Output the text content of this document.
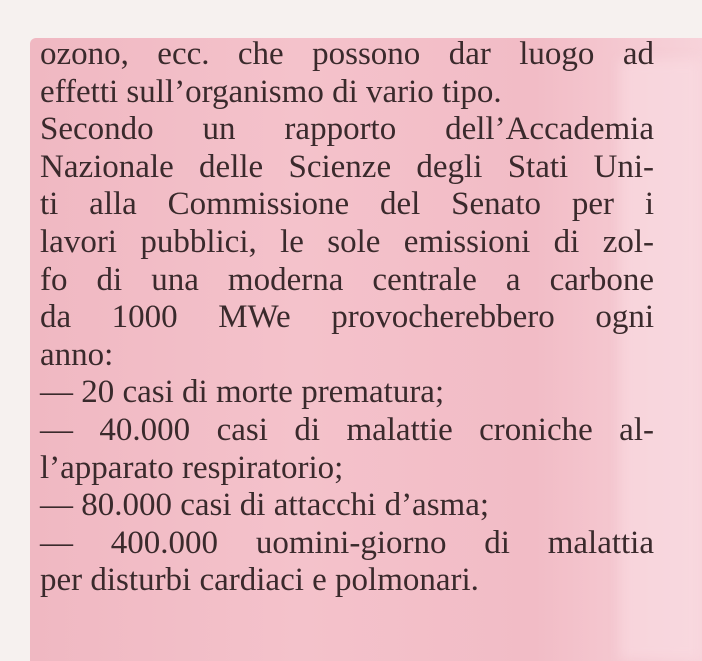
ozono, ecc. che possono dar luogo ad
effetti sull’organismo di vario tipo.
Secondo un rapporto dell’Accademia
Nazionale delle Scienze degli Stati Uni-
ti alla Commissione del Senato per i
lavori pubblici, le sole emissioni di zol-
fo di una moderna centrale a carbone
da 1000 MWe provocherebbero ogni
anno:
— 20 casi di morte prematura;
— 40.000 casi di malattie croniche al-
l’apparato respiratorio;
— 80.000 casi di attacchi d’asma;
— 400.000 uomini-giorno di malattia
per disturbi cardiaci e polmonari.
